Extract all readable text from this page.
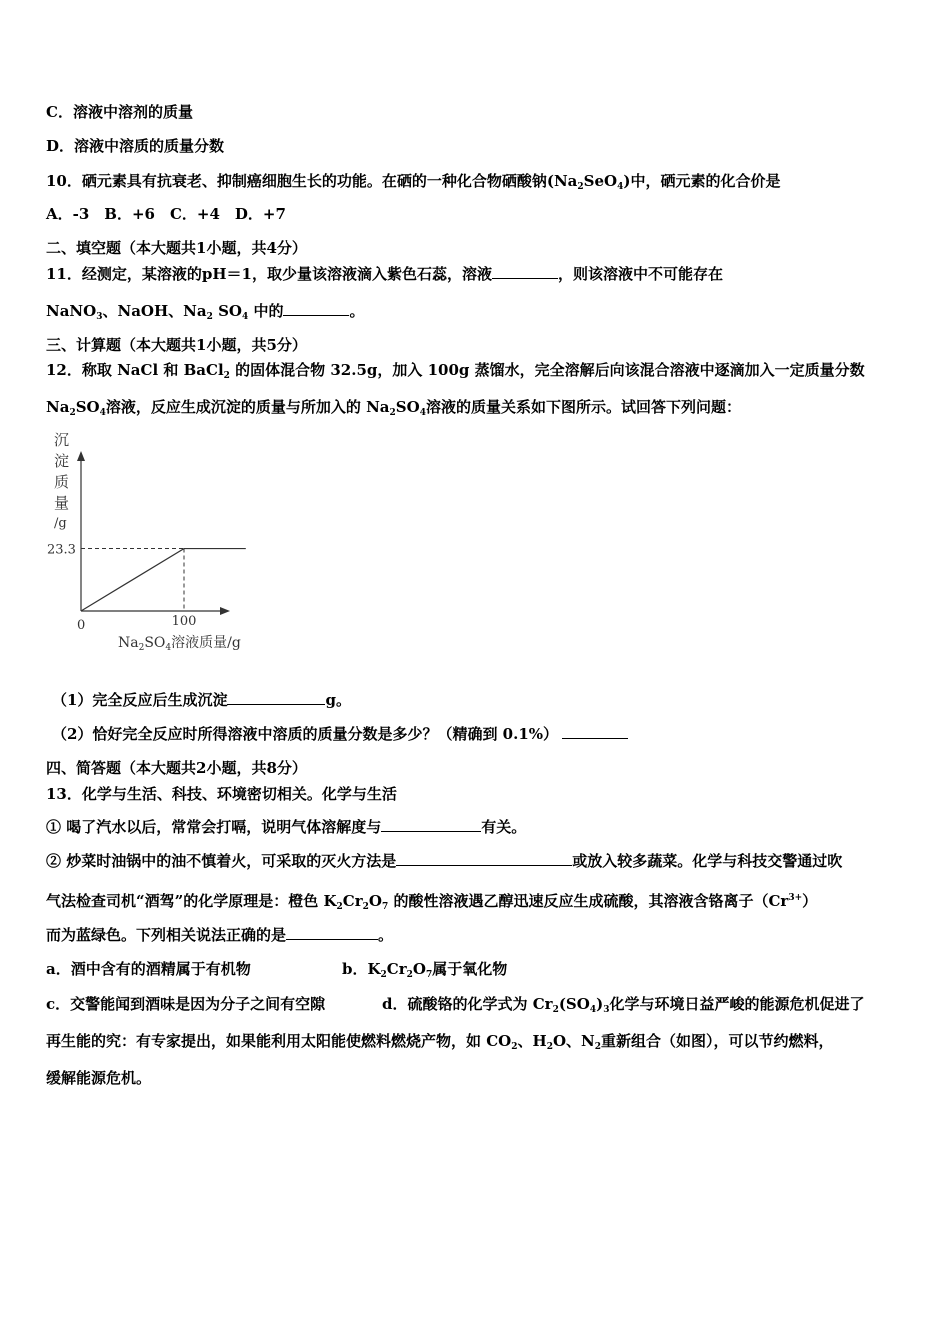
C．溶液中溶剂的质量
D．溶液中溶质的质量分数
10．硒元素具有抗衰老、抑制癌细胞生长的功能。在硒的一种化合物硒酸钠$(Na_2SeO_4)$中，硒元素的化合价是
A．-3　B．+6　C．+4　D．+7
二、填空题（本大题共1小题，共4分）
11．经测定，某溶液的pH＝1，取少量该溶液滴入紫色石蕊，溶液	，则该溶液中不可能存在
NaNO$_3$、NaOH、$Na_2$ $SO_4$ 中的	。
三、计算题（本大题共1小题，共5分）
12．称取 NaCl 和 BaCl$_2$ 的固体混合物 32.5g，加入 100g 蒸馏水，完全溶解后向该混合溶液中逐滴加入一定质量分数
$Na_2SO_4$溶液，反应生成沉淀的质量与所加入的 $Na_2SO_4$溶液的质量关系如下图所示。试回答下列问题：
沉
淀
质
量
/g
23.3
0	100
$Na_2SO_4$溶液质量/g
（1）完全反应后生成沉淀	g。
（2）恰好完全反应时所得溶液中溶质的质量分数是多少？（精确到 0.1%）
四、简答题（本大题共2小题，共8分）
13．化学与生活、科技、环境密切相关。化学与生活
① 喝了汽水以后，常常会打嗝，说明气体溶解度与	有关。
② 炒菜时油锅中的油不慎着火，可采取的灭火方法是	或放入较多蔬菜。化学与科技交警通过吹
气法检查司机“酒驾”的化学原理是：橙色 $K_2Cr_2O_7$ 的酸性溶液遇乙醇迅速反应生成硫酸，其溶液含铬离子$(Cr^{3+})$
而为蓝绿色。下列相关说法正确的是	。
a．酒中含有的酒精属于有机物	b．$K_2Cr_2O_7$属于氧化物
c．交警能闻到酒味是因为分子之间有空隙	d．硫酸铬的化学式为 $Cr_2(SO_4)_3$化学与环境日益严峻的能源危机促进了
再生能的究：有专家提出，如果能利用太阳能使燃料燃烧产物，如 $CO_2$、$H_2O$、$N_2$重新组合（如图），可以节约燃料，
缓解能源危机。
